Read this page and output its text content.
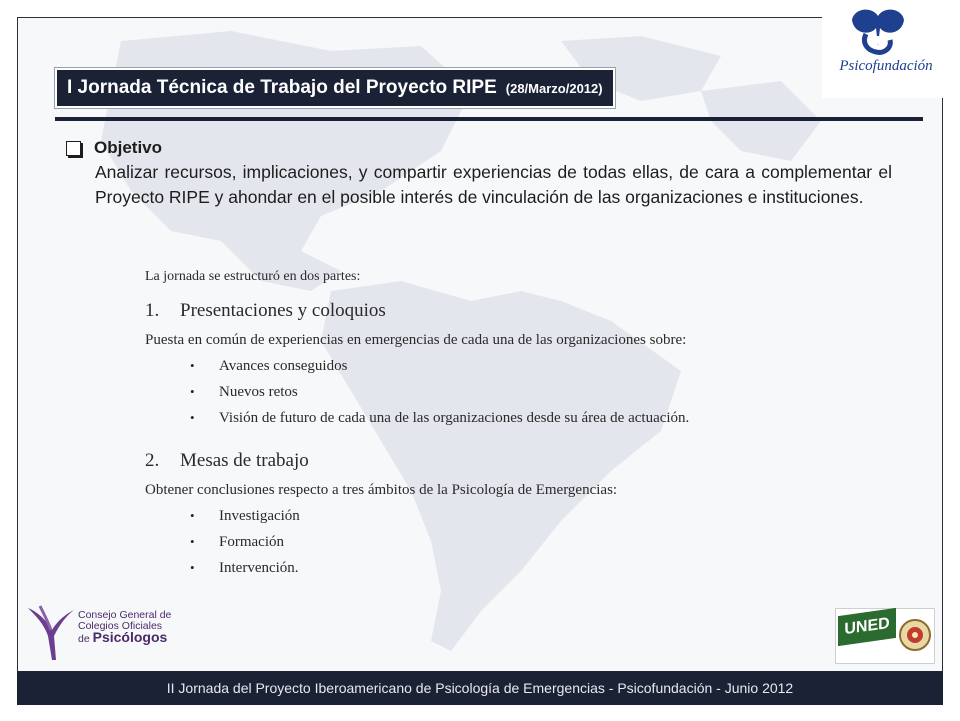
Psicofundación
I Jornada Técnica de Trabajo del Proyecto RIPE (28/Marzo/2012)
Objetivo
Analizar recursos, implicaciones, y compartir experiencias de todas ellas, de cara a complementar el Proyecto RIPE y ahondar en el posible interés de vinculación de las organizaciones e instituciones.
La jornada se estructuró en dos partes:
1.	Presentaciones y coloquios
Puesta en común de experiencias en emergencias de cada una de las organizaciones sobre:
•	Avances conseguidos
•	Nuevos retos
•	Visión de futuro de cada una de las organizaciones desde su área de actuación.
2.	Mesas de trabajo
Obtener conclusiones respecto a tres ámbitos de la Psicología de Emergencias:
•	Investigación
•	Formación
•	Intervención.
Consejo General de
Colegios Oficiales
de Psicólogos	UNED
II Jornada del Proyecto Iberoamericano de Psicología de Emergencias - Psicofundación - Junio 2012
